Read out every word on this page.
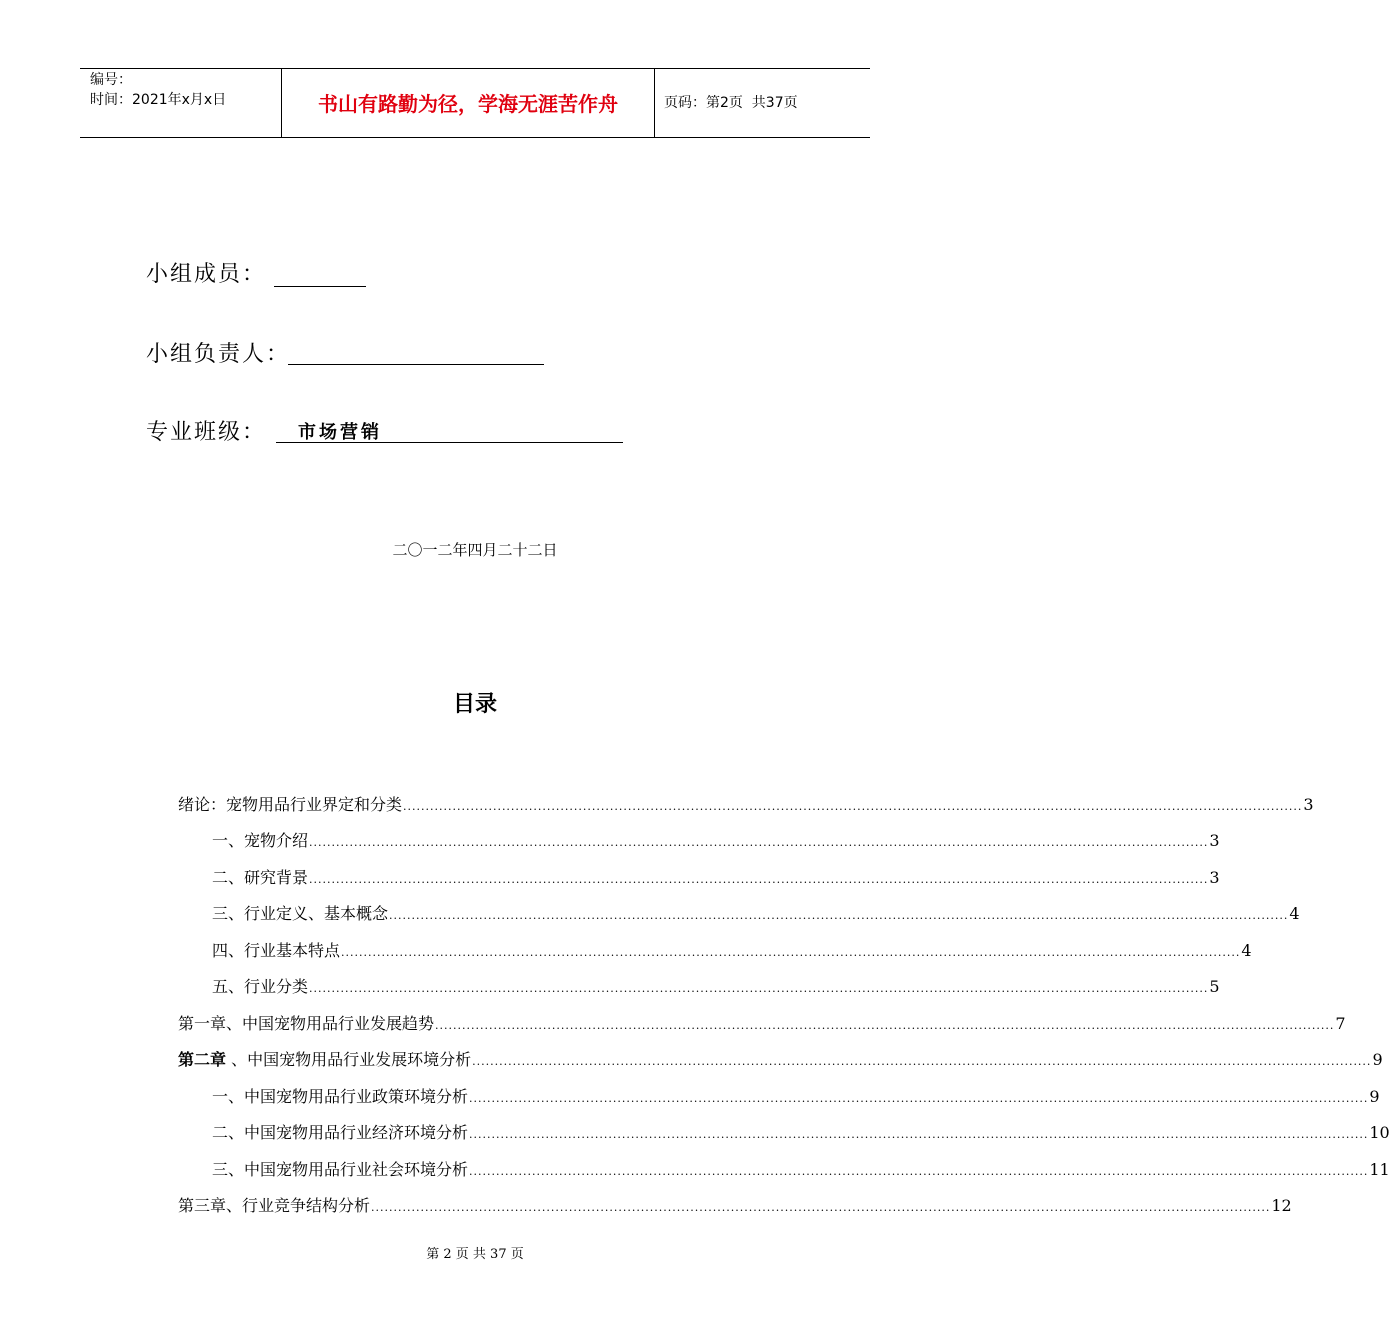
编号：
时间：2021年x月x日	书山有路勤为径，学海无涯苦作舟	页码：第2页  共37页
小组成员：
小组负责人：
专业班级： 市场营销
二〇一二年四月二十二日
目录
绪论：宠物用品行业界定和分类 ........................................................................................................................................................................................................ 3
一、宠物介绍 ........................................................................................................................................................................................................ 3
二、研究背景 ........................................................................................................................................................................................................ 3
三、行业定义、基本概念 ........................................................................................................................................................................................................ 4
四、行业基本特点 ........................................................................................................................................................................................................ 4
五、行业分类 ........................................................................................................................................................................................................ 5
第一章、中国宠物用品行业发展趋势 ........................................................................................................................................................................................................ 7
第二章 、中国宠物用品行业发展环境分析 ........................................................................................................................................................................................................ 9
一、中国宠物用品行业政策环境分析 ........................................................................................................................................................................................................ 9
二、中国宠物用品行业经济环境分析 ........................................................................................................................................................................................................ 10
三、中国宠物用品行业社会环境分析 ........................................................................................................................................................................................................ 11
第三章、行业竞争结构分析 ........................................................................................................................................................................................................ 12
第 2 页 共 37 页
